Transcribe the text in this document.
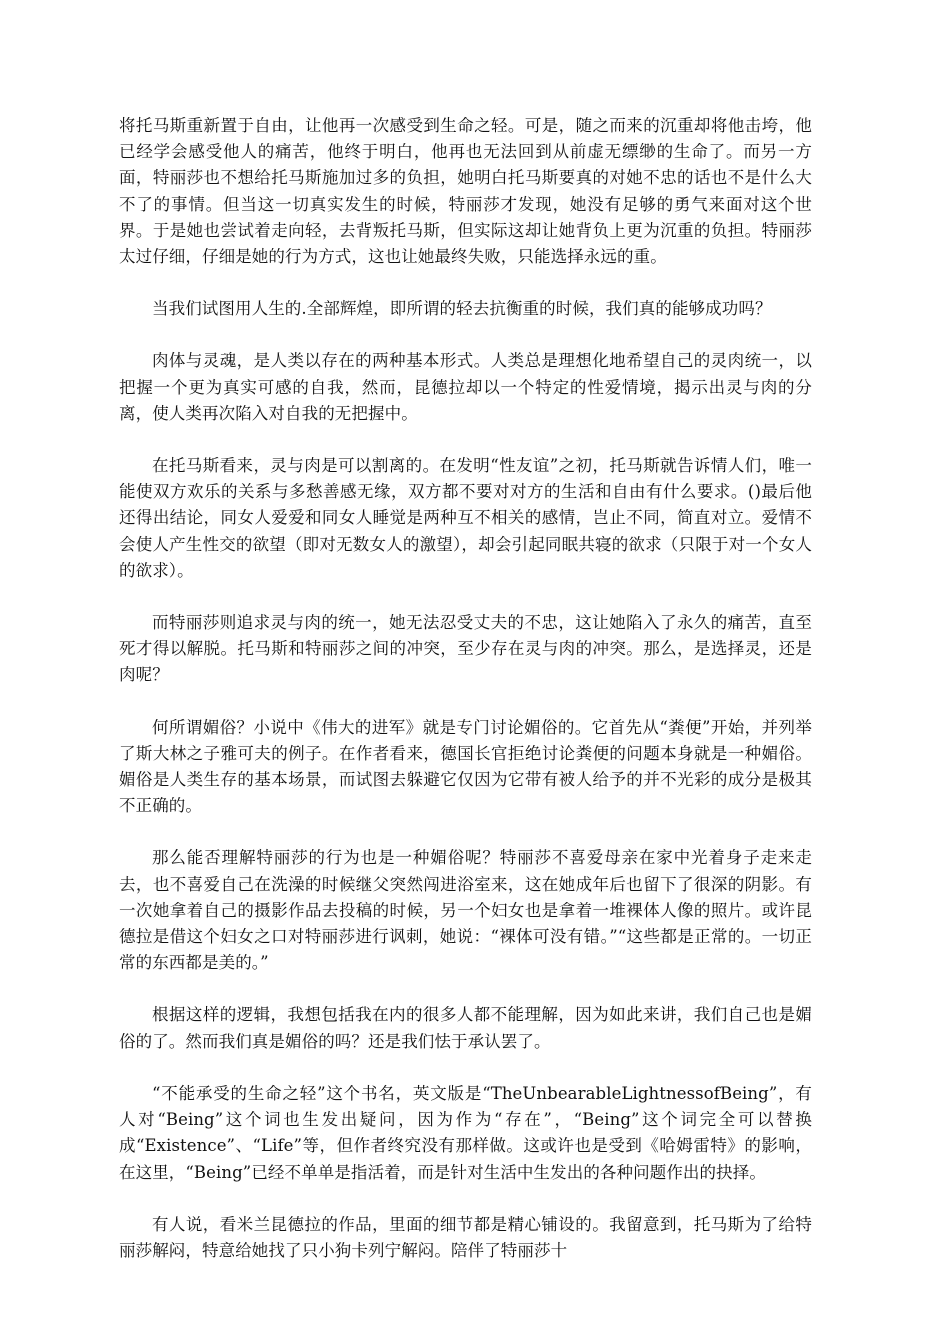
将托马斯重新置于自由，让他再一次感受到生命之轻。可是，随之而来的沉重却将他击垮，他已经学会感受他人的痛苦，他终于明白，他再也无法回到从前虚无缥缈的生命了。而另一方面，特丽莎也不想给托马斯施加过多的负担，她明白托马斯要真的对她不忠的话也不是什么大不了的事情。但当这一切真实发生的时候，特丽莎才发现，她没有足够的勇气来面对这个世界。于是她也尝试着走向轻，去背叛托马斯，但实际这却让她背负上更为沉重的负担。特丽莎太过仔细，仔细是她的行为方式，这也让她最终失败，只能选择永远的重。

当我们试图用人生的.全部辉煌，即所谓的轻去抗衡重的时候，我们真的能够成功吗？

肉体与灵魂，是人类以存在的两种基本形式。人类总是理想化地希望自己的灵肉统一，以把握一个更为真实可感的自我，然而，昆德拉却以一个特定的性爱情境，揭示出灵与肉的分离，使人类再次陷入对自我的无把握中。

在托马斯看来，灵与肉是可以割离的。在发明“性友谊”之初，托马斯就告诉情人们，唯一能使双方欢乐的关系与多愁善感无缘，双方都不要对对方的生活和自由有什么要求。()最后他还得出结论，同女人爱爱和同女人睡觉是两种互不相关的感情，岂止不同，简直对立。爱情不会使人产生性交的欲望（即对无数女人的激望），却会引起同眠共寝的欲求（只限于对一个女人的欲求）。

而特丽莎则追求灵与肉的统一，她无法忍受丈夫的不忠，这让她陷入了永久的痛苦，直至死才得以解脱。托马斯和特丽莎之间的冲突，至少存在灵与肉的冲突。那么，是选择灵，还是肉呢？

何所谓媚俗？小说中《伟大的进军》就是专门讨论媚俗的。它首先从“粪便”开始，并列举了斯大林之子雅可夫的例子。在作者看来，德国长官拒绝讨论粪便的问题本身就是一种媚俗。媚俗是人类生存的基本场景，而试图去躲避它仅因为它带有被人给予的并不光彩的成分是极其不正确的。

那么能否理解特丽莎的行为也是一种媚俗呢？特丽莎不喜爱母亲在家中光着身子走来走去，也不喜爱自己在洗澡的时候继父突然闯进浴室来，这在她成年后也留下了很深的阴影。有一次她拿着自己的摄影作品去投稿的时候，另一个妇女也是拿着一堆裸体人像的照片。或许昆德拉是借这个妇女之口对特丽莎进行讽刺，她说：“裸体可没有错。”“这些都是正常的。一切正常的东西都是美的。”

根据这样的逻辑，我想包括我在内的很多人都不能理解，因为如此来讲，我们自己也是媚俗的了。然而我们真是媚俗的吗？还是我们怯于承认罢了。

“不能承受的生命之轻”这个书名，英文版是“TheUnbearableLightnessofBeing”，有人对“Being”这个词也生发出疑问，因为作为“存在”，“Being”这个词完全可以替换成“Existence”、“Life”等，但作者终究没有那样做。这或许也是受到《哈姆雷特》的影响，在这里，“Being”已经不单单是指活着，而是针对生活中生发出的各种问题作出的抉择。

有人说，看米兰昆德拉的作品，里面的细节都是精心铺设的。我留意到，托马斯为了给特丽莎解闷，特意给她找了只小狗卡列宁解闷。陪伴了特丽莎十
